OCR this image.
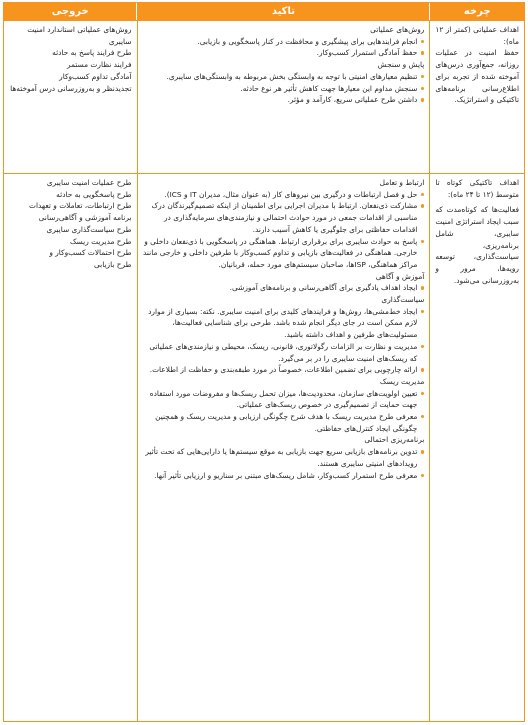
چرخه
تاکید
خروجی
اهداف عملیاتی (کمتر از ۱۲ ماه):
حفظ امنیت در عملیات روزانه، جمع‌آوری درس‌های آموخته شده از تجربه برای اطلاع‌رسانی برنامه‌های تاکتیکی و استراتژیک.
روش‌های عملیاتی
انجام فرایندهایی برای پیشگیری و محافظت در کنار پاسخگویی و بازیابی.
حفظ آمادگی استمرار کسب‌وکار.
پایش و سنجش
تنظیم معیارهای امنیتی با توجه به وابستگی بخش مربوطه به وابستگی‌های سایبری.
سنجش مداوم این معیارها جهت کاهش تأثیر هر نوع حادثه.
داشتن طرح عملیاتی سریع، کارآمد و مؤثر.
روش‌های عملیاتی استاندارد امنیت سایبری
طرح فرایند پاسخ به حادثه
فرایند نظارت مستمر
آمادگی تداوم کسب‌وکار
تجدیدنظر و به‌روزرسانی درس آموخته‌ها
اهداف تاکتیکی کوتاه تا متوسط (۱۲ تا ۲۴ ماه):
فعالیت‌ها که کوتاه‌مدت که سبب ایجاد استراتژی امنیت سایبری، شامل برنامه‌ریزی، سیاست‌گذاری، توسعه رویه‌ها، مرور و به‌روزرسانی می‌شود.
ارتباط و تعامل
حل و فصل ارتباطات و درگیری بین نیروهای کار (به عنوان مثال، مدیران IT و ICS).
مشارکت ذی‌نفعان. ارتباط با مدیران اجرایی برای اطمینان از اینکه تصمیم‌گیرندگان درک مناسبی از اقدامات جمعی در مورد حوادث احتمالی و نیازمندی‌های سرمایه‌گذاری در اقدامات حفاظتی برای جلوگیری یا کاهش آسیب دارند.
پاسخ به حوادث سایبری برای برقراری ارتباط. هماهنگی در پاسخگویی با ذی‌نفعان داخلی و خارجی. هماهنگی در فعالیت‌های بازیابی و تداوم کسب‌وکار با طرفین داخلی و خارجی مانند مراکز هماهنگی، ISPها، صاحبان سیستم‌های مورد حمله، قربانیان.
آموزش و آگاهی
ایجاد اهداف یادگیری برای آگاهی‌رسانی و برنامه‌های آموزشی.
سیاست‌گذاری
ایجاد خط‌مشی‌ها، روش‌ها و فرایندهای کلیدی برای امنیت سایبری. نکته: بسیاری از موارد لازم ممکن است در جای دیگر انجام شده باشد. طرحی برای شناسایی فعالیت‌ها، مسئولیت‌های طرفین و اهداف داشته باشید.
مدیریت و نظارت بر الزامات رگولاتوری، قانونی، ریسک، محیطی و نیازمندی‌های عملیاتی که ریسک‌های امنیت سایبری را در بر می‌گیرد.
ارائه چارچوبی برای تضمین اطلاعات، خصوصاً در مورد طبقه‌بندی و حفاظت از اطلاعات.
مدیریت ریسک
تعیین اولویت‌های سازمان، محدودیت‌ها، میزان تحمل ریسک‌ها و مفروضات مورد استفاده جهت حمایت از تصمیم‌گیری در خصوص ریسک‌های عملیاتی.
معرفی طرح مدیریت ریسک با هدف شرح چگونگی ارزیابی و مدیریت ریسک و همچنین چگونگی ایجاد کنترل‌های حفاظتی.
برنامه‌ریزی احتمالی
تدوین برنامه‌های بازیابی سریع جهت بازیابی به موقع سیستم‌ها یا دارایی‌هایی که تحت تأثیر رویدادهای امنیتی سایبری هستند.
معرفی طرح استمرار کسب‌وکار، شامل ریسک‌های مبتنی بر سناریو و ارزیابی تأثیر آنها.
طرح عملیات امنیت سایبری
طرح پاسخگویی به حادثه
طرح ارتباطات، تعاملات و تعهدات
برنامه آموزشی و آگاهی‌رسانی
طرح سیاست‌گذاری سایبری
طرح مدیریت ریسک
طرح احتمالات کسب‌وکار و
طرح بازیابی
